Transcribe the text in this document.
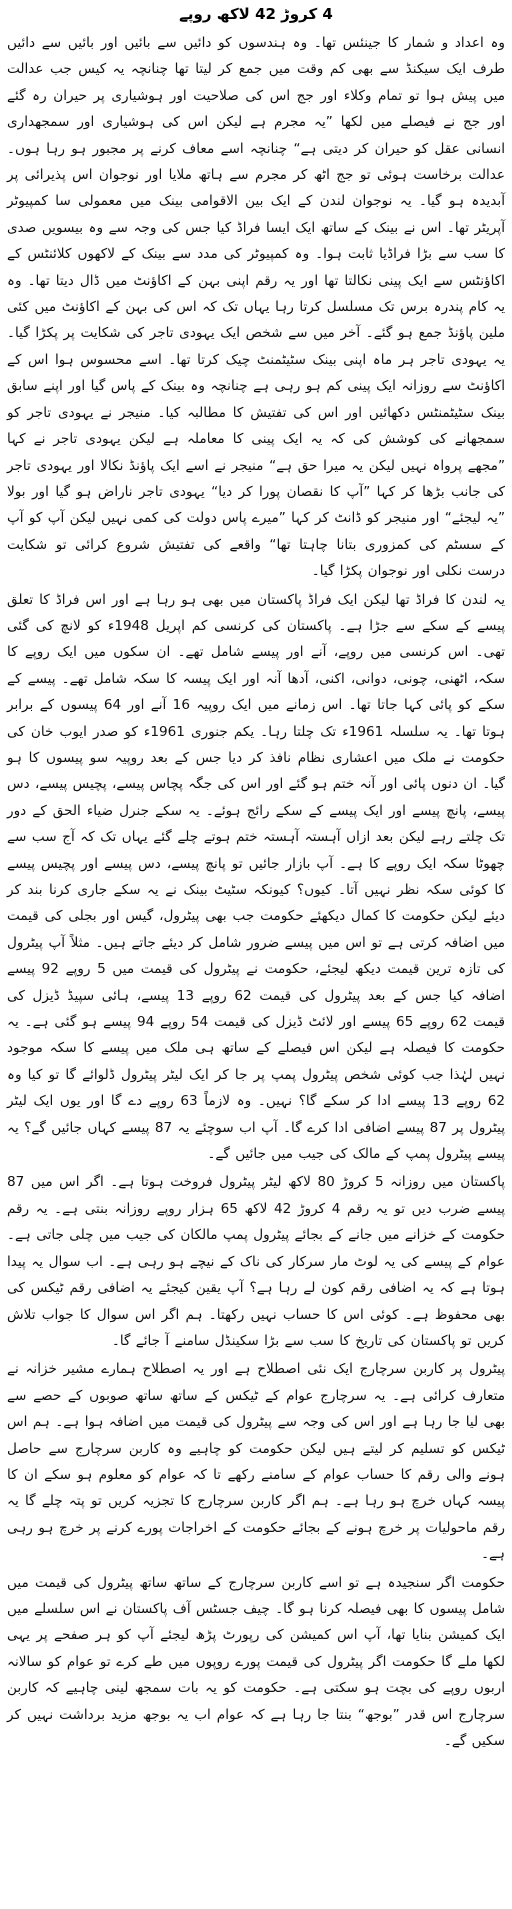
4 کروڑ 42 لاکھ روپے

وہ اعداد و شمار کا جینئس تھا۔ وہ ہندسوں کو دائیں سے بائیں اور بائیں سے دائیں طرف ایک سیکنڈ سے بھی کم وقت میں جمع کر لیتا تھا چنانچہ یہ کیس جب عدالت میں پیش ہوا تو تمام وکلاء اور جج اس کی صلاحیت اور ہوشیاری پر حیران رہ گئے اور جج نے فیصلے میں لکھا ”یہ مجرم ہے لیکن اس کی ہوشیاری اور سمجھداری انسانی عقل کو حیران کر دیتی ہے“ چنانچہ اسے معاف کرنے پر مجبور ہو رہا ہوں۔ عدالت برخاست ہوئی تو جج اٹھ کر مجرم سے ہاتھ ملایا اور نوجوان اس پذیرائی پر آبدیدہ ہو گیا۔ یہ نوجوان لندن کے ایک بین الاقوامی بینک میں معمولی سا کمپیوٹر آپریٹر تھا۔ اس نے بینک کے ساتھ ایک ایسا فراڈ کیا جس کی وجہ سے وہ بیسویں صدی کا سب سے بڑا فراڈیا ثابت ہوا۔ وہ کمپیوٹر کی مدد سے بینک کے لاکھوں کلائنٹس کے اکاؤنٹس سے ایک پینی نکالتا تھا اور یہ رقم اپنی بہن کے اکاؤنٹ میں ڈال دیتا تھا۔ وہ یہ کام پندرہ برس تک مسلسل کرتا رہا یہاں تک کہ اس کی بہن کے اکاؤنٹ میں کئی ملین پاؤنڈ جمع ہو گئے۔ آخر میں سے شخص ایک یہودی تاجر کی شکایت پر پکڑا گیا۔ یہ یہودی تاجر ہر ماہ اپنی بینک سٹیٹمنٹ چیک کرتا تھا۔ اسے محسوس ہوا اس کے اکاؤنٹ سے روزانہ ایک پینی کم ہو رہی ہے چنانچہ وہ بینک کے پاس گیا اور اپنے سابق بینک سٹیٹمنٹس دکھائیں اور اس کی تفتیش کا مطالبہ کیا۔ منیجر نے یہودی تاجر کو سمجھانے کی کوشش کی کہ یہ ایک پینی کا معاملہ ہے لیکن یہودی تاجر نے کہا ”مجھے پرواہ نہیں لیکن یہ میرا حق ہے“ منیجر نے اسے ایک پاؤنڈ نکالا اور یہودی تاجر کی جانب بڑھا کر کہا ”آپ کا نقصان پورا کر دیا“ یہودی تاجر ناراض ہو گیا اور بولا ”یہ لیجئے“ اور منیجر کو ڈانٹ کر کہا ”میرے پاس دولت کی کمی نہیں لیکن آپ کو آپ کے سسٹم کی کمزوری بتانا چاہتا تھا“ واقعے کی تفتیش شروع کرائی تو شکایت درست نکلی اور نوجوان پکڑا گیا۔

یہ لندن کا فراڈ تھا لیکن ایک فراڈ پاکستان میں بھی ہو رہا ہے اور اس فراڈ کا تعلق پیسے کے سکے سے جڑا ہے۔ پاکستان کی کرنسی کم اپریل 1948ء کو لانچ کی گئی تھی۔ اس کرنسی میں روپے، آنے اور پیسے شامل تھے۔ ان سکوں میں ایک روپے کا سکہ، اٹھنی، چونی، دوانی، اکنی، آدھا آنہ اور ایک پیسہ کا سکہ شامل تھے۔ پیسے کے سکے کو پائی کہا جاتا تھا۔ اس زمانے میں ایک روپیہ 16 آنے اور 64 پیسوں کے برابر ہوتا تھا۔ یہ سلسلہ 1961ء تک چلتا رہا۔ یکم جنوری 1961ء کو صدر ایوب خان کی حکومت نے ملک میں اعشاری نظام نافذ کر دیا جس کے بعد روپیہ سو پیسوں کا ہو گیا۔ ان دنوں پائی اور آنہ ختم ہو گئے اور اس کی جگہ پچاس پیسے، پچیس پیسے، دس پیسے، پانچ پیسے اور ایک پیسے کے سکے رائج ہوئے۔ یہ سکے جنرل ضیاء الحق کے دور تک چلتے رہے لیکن بعد ازاں آہستہ آہستہ ختم ہوتے چلے گئے یہاں تک کہ آج سب سے چھوٹا سکہ ایک روپے کا ہے۔ آپ بازار جائیں تو پانچ پیسے، دس پیسے اور پچیس پیسے کا کوئی سکہ نظر نہیں آتا۔ کیوں؟ کیونکہ سٹیٹ بینک نے یہ سکے جاری کرنا بند کر دیئے لیکن حکومت کا کمال دیکھئے حکومت جب بھی پیٹرول، گیس اور بجلی کی قیمت میں اضافہ کرتی ہے تو اس میں پیسے ضرور شامل کر دیئے جاتے ہیں۔ مثلاً آپ پیٹرول کی تازہ ترین قیمت دیکھ لیجئے، حکومت نے پیٹرول کی قیمت میں 5 روپے 92 پیسے اضافہ کیا جس کے بعد پیٹرول کی قیمت 62 روپے 13 پیسے، ہائی سپیڈ ڈیزل کی قیمت 62 روپے 65 پیسے اور لائٹ ڈیزل کی قیمت 54 روپے 94 پیسے ہو گئی ہے۔ یہ حکومت کا فیصلہ ہے لیکن اس فیصلے کے ساتھ ہی ملک میں پیسے کا سکہ موجود نہیں لہٰذا جب کوئی شخص پیٹرول پمپ پر جا کر ایک لیٹر پیٹرول ڈلوائے گا تو کیا وہ 62 روپے 13 پیسے ادا کر سکے گا؟ نہیں۔ وہ لازماً 63 روپے دے گا اور یوں ایک لیٹر پیٹرول پر 87 پیسے اضافی ادا کرے گا۔ آپ اب سوچئے یہ 87 پیسے کہاں جائیں گے؟ یہ پیسے پیٹرول پمپ کے مالک کی جیب میں جائیں گے۔

پاکستان میں روزانہ 5 کروڑ 80 لاکھ لیٹر پیٹرول فروخت ہوتا ہے۔ اگر اس میں 87 پیسے ضرب دیں تو یہ رقم 4 کروڑ 42 لاکھ 65 ہزار روپے روزانہ بنتی ہے۔ یہ رقم حکومت کے خزانے میں جانے کے بجائے پیٹرول پمپ مالکان کی جیب میں چلی جاتی ہے۔ عوام کے پیسے کی یہ لوٹ مار سرکار کی ناک کے نیچے ہو رہی ہے۔ اب سوال یہ پیدا ہوتا ہے کہ یہ اضافی رقم کون لے رہا ہے؟ آپ یقین کیجئے یہ اضافی رقم ٹیکس کی بھی محفوظ ہے۔ کوئی اس کا حساب نہیں رکھتا۔ ہم اگر اس سوال کا جواب تلاش کریں تو پاکستان کی تاریخ کا سب سے بڑا سکینڈل سامنے آ جائے گا۔

پیٹرول پر کاربن سرچارج ایک نئی اصطلاح ہے اور یہ اصطلاح ہمارے مشیر خزانہ نے متعارف کرائی ہے۔ یہ سرچارج عوام کے ٹیکس کے ساتھ ساتھ صوبوں کے حصے سے بھی لیا جا رہا ہے اور اس کی وجہ سے پیٹرول کی قیمت میں اضافہ ہوا ہے۔ ہم اس ٹیکس کو تسلیم کر لیتے ہیں لیکن حکومت کو چاہیے وہ کاربن سرچارج سے حاصل ہونے والی رقم کا حساب عوام کے سامنے رکھے تا کہ عوام کو معلوم ہو سکے ان کا پیسہ کہاں خرچ ہو رہا ہے۔ ہم اگر کاربن سرچارج کا تجزیہ کریں تو پتہ چلے گا یہ رقم ماحولیات پر خرچ ہونے کے بجائے حکومت کے اخراجات پورے کرنے پر خرچ ہو رہی ہے۔

حکومت اگر سنجیدہ ہے تو اسے کاربن سرچارج کے ساتھ ساتھ پیٹرول کی قیمت میں شامل پیسوں کا بھی فیصلہ کرنا ہو گا۔ چیف جسٹس آف پاکستان نے اس سلسلے میں ایک کمیشن بنایا تھا، آپ اس کمیشن کی رپورٹ پڑھ لیجئے آپ کو ہر صفحے پر یہی لکھا ملے گا حکومت اگر پیٹرول کی قیمت پورے روپوں میں طے کرے تو عوام کو سالانہ اربوں روپے کی بچت ہو سکتی ہے۔ حکومت کو یہ بات سمجھ لینی چاہیے کہ کاربن سرچارج اس قدر ”بوجھ“ بنتا جا رہا ہے کہ عوام اب یہ بوجھ مزید برداشت نہیں کر سکیں گے۔
